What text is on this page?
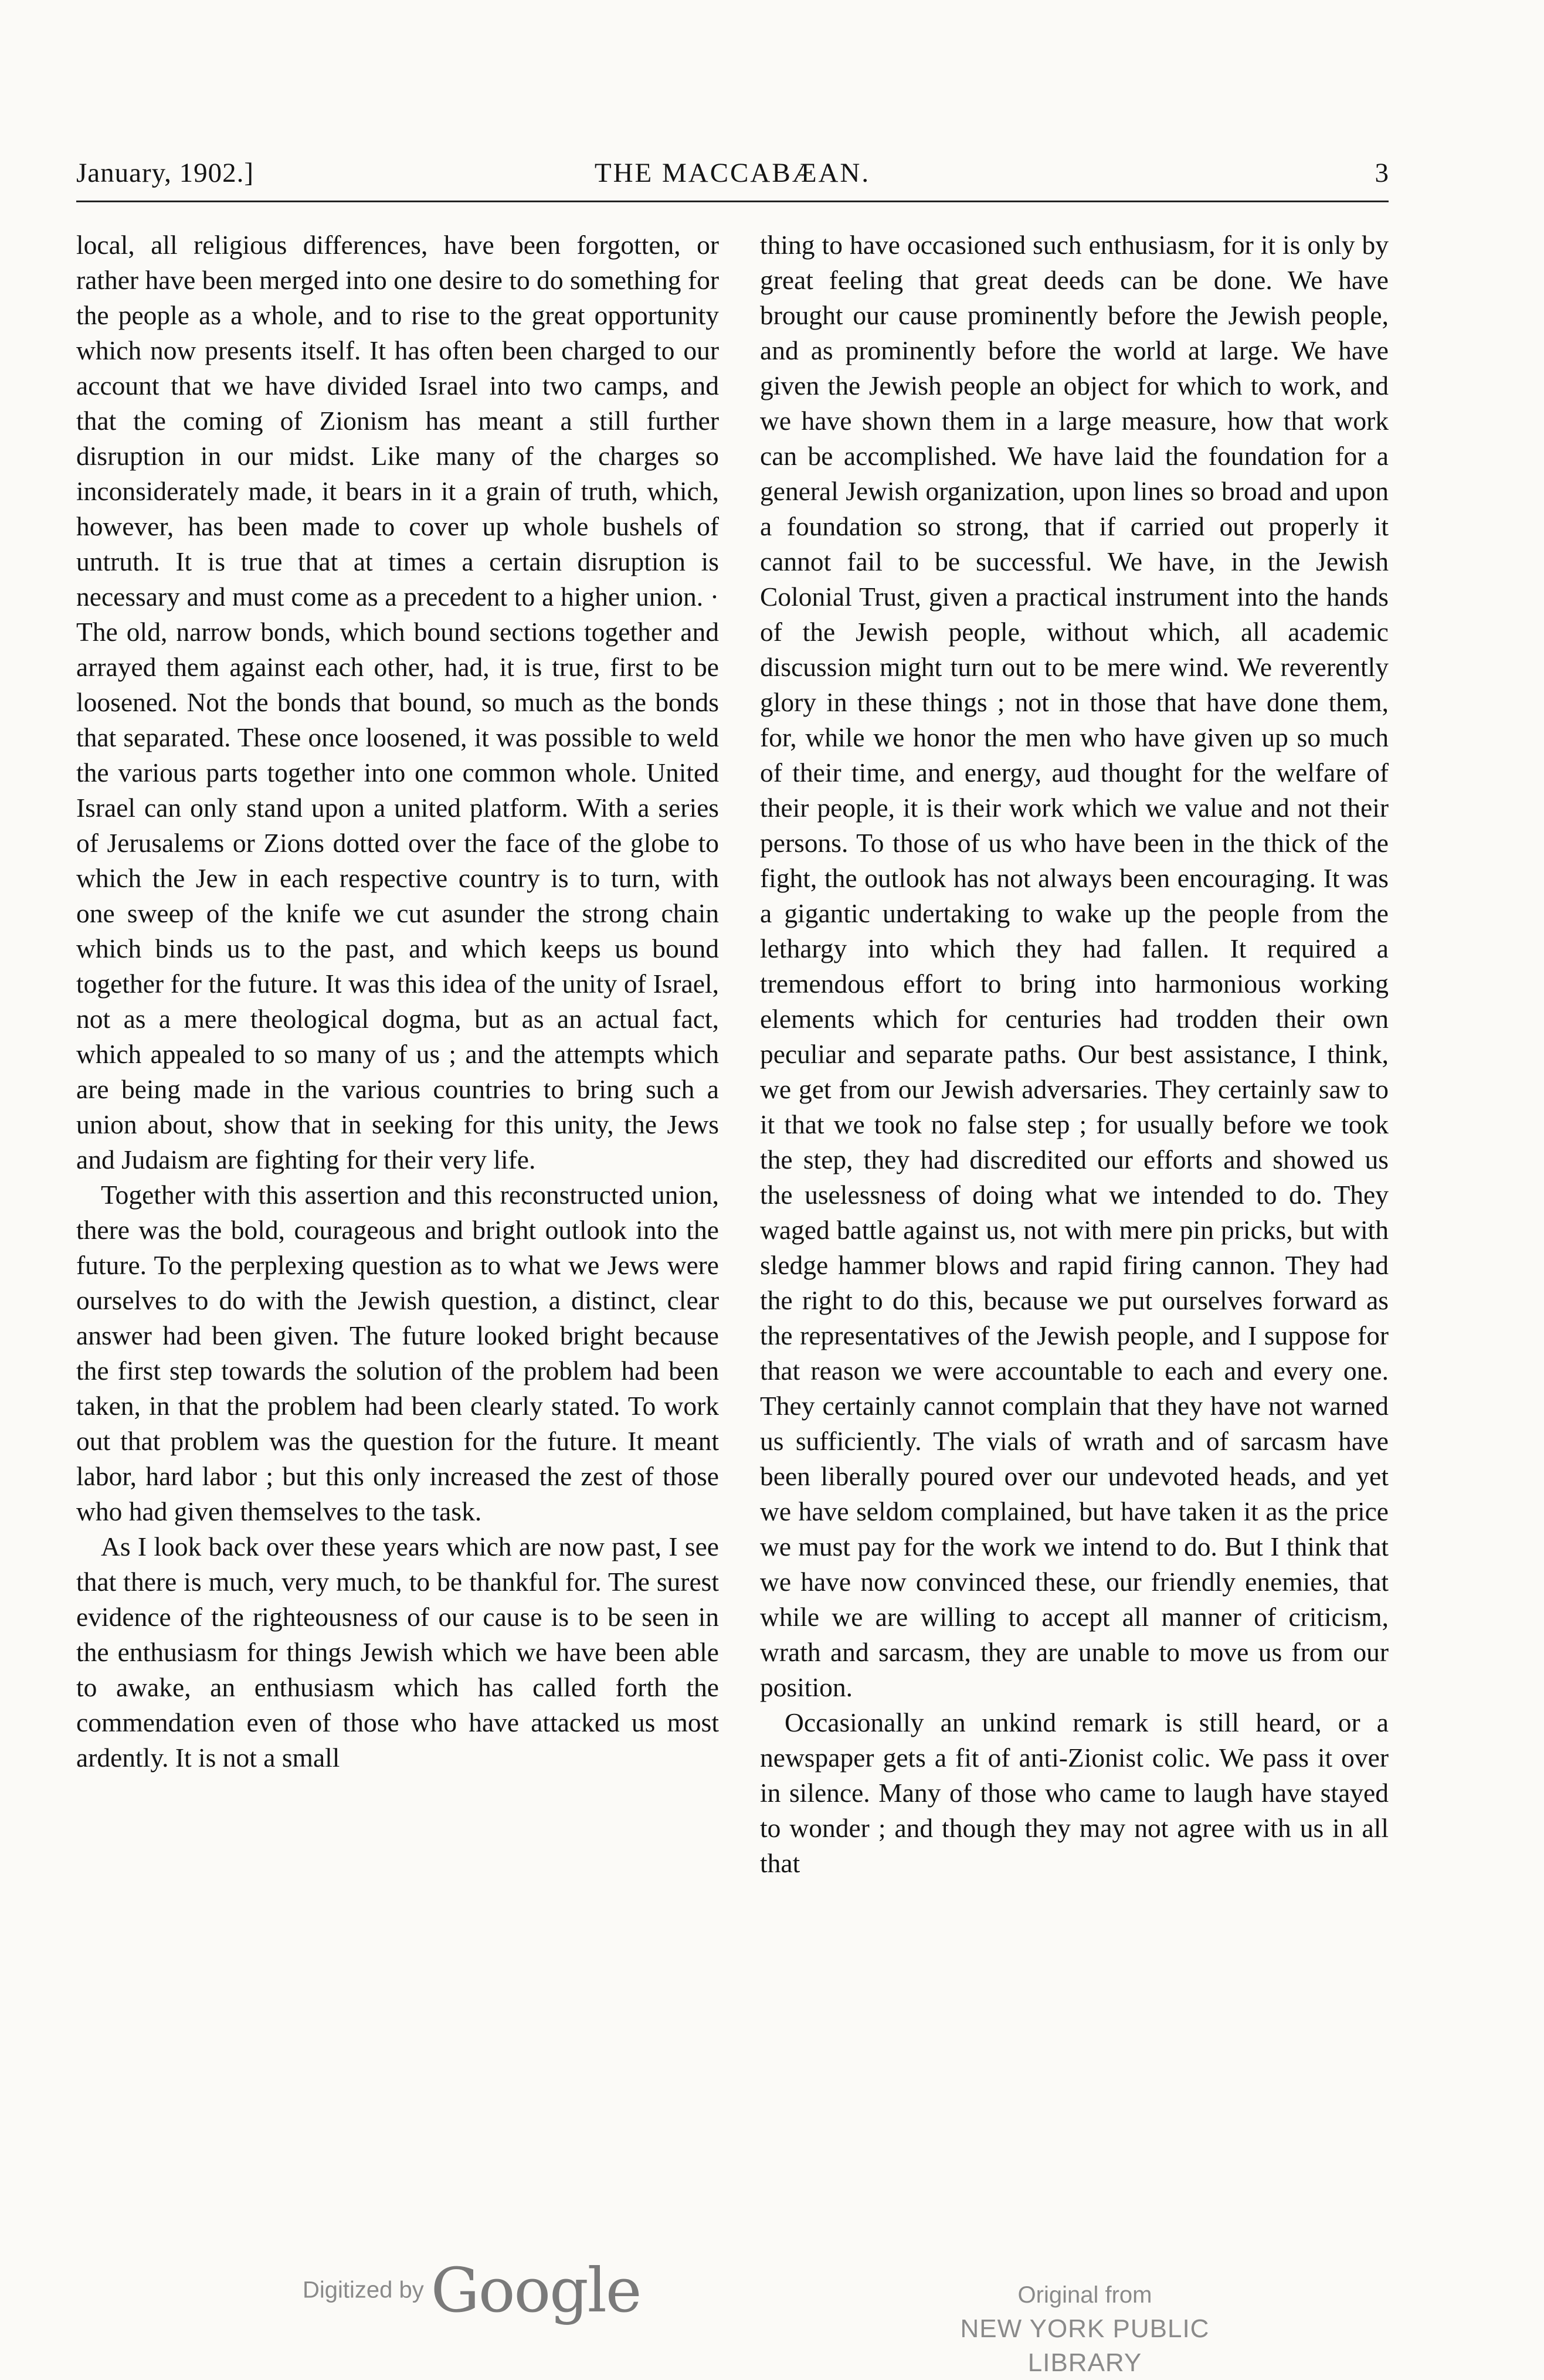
THE MACCABÆAN.
January, 1902.]	3

local, all religious differences, have been forgotten, or rather have been merged into one desire to do something for the people as a whole, and to rise to the great opportunity which now presents itself. It has often been charged to our account that we have divided Israel into two camps, and that the coming of Zionism has meant a still further disruption in our midst. Like many of the charges so inconsiderately made, it bears in it a grain of truth, which, however, has been made to cover up whole bushels of untruth. It is true that at times a certain disruption is necessary and must come as a precedent to a higher union. · The old, narrow bonds, which bound sections together and arrayed them against each other, had, it is true, first to be loosened. Not the bonds that bound, so much as the bonds that separated. These once loosened, it was possible to weld the various parts together into one common whole. United Israel can only stand upon a united platform. With a series of Jerusalems or Zions dotted over the face of the globe to which the Jew in each respective country is to turn, with one sweep of the knife we cut asunder the strong chain which binds us to the past, and which keeps us bound together for the future. It was this idea of the unity of Israel, not as a mere theological dogma, but as an actual fact, which appealed to so many of us ; and the attempts which are being made in the various countries to bring such a union about, show that in seeking for this unity, the Jews and Judaism are fighting for their very life.

Together with this assertion and this reconstructed union, there was the bold, courageous and bright outlook into the future. To the perplexing question as to what we Jews were ourselves to do with the Jewish question, a distinct, clear answer had been given. The future looked bright because the first step towards the solution of the problem had been taken, in that the problem had been clearly stated. To work out that problem was the question for the future. It meant labor, hard labor ; but this only increased the zest of those who had given themselves to the task.

As I look back over these years which are now past, I see that there is much, very much, to be thankful for. The surest evidence of the righteousness of our cause is to be seen in the enthusiasm for things Jewish which we have been able to awake, an enthusiasm which has called forth the commendation even of those who have attacked us most ardently. It is not a small

thing to have occasioned such enthusiasm, for it is only by great feeling that great deeds can be done. We have brought our cause prominently before the Jewish people, and as prominently before the world at large. We have given the Jewish people an object for which to work, and we have shown them in a large measure, how that work can be accomplished. We have laid the foundation for a general Jewish organization, upon lines so broad and upon a foundation so strong, that if carried out properly it cannot fail to be successful. We have, in the Jewish Colonial Trust, given a practical instrument into the hands of the Jewish people, without which, all academic discussion might turn out to be mere wind. We reverently glory in these things ; not in those that have done them, for, while we honor the men who have given up so much of their time, and energy, aud thought for the welfare of their people, it is their work which we value and not their persons. To those of us who have been in the thick of the fight, the outlook has not always been encouraging. It was a gigantic undertaking to wake up the people from the lethargy into which they had fallen. It required a tremendous effort to bring into harmonious working elements which for centuries had trodden their own peculiar and separate paths. Our best assistance, I think, we get from our Jewish adversaries. They certainly saw to it that we took no false step ; for usually before we took the step, they had discredited our efforts and showed us the uselessness of doing what we intended to do. They waged battle against us, not with mere pin pricks, but with sledge hammer blows and rapid firing cannon. They had the right to do this, because we put ourselves forward as the representatives of the Jewish people, and I suppose for that reason we were accountable to each and every one. They certainly cannot complain that they have not warned us sufficiently. The vials of wrath and of sarcasm have been liberally poured over our undevoted heads, and yet we have seldom complained, but have taken it as the price we must pay for the work we intend to do. But I think that we have now convinced these, our friendly enemies, that while we are willing to accept all manner of criticism, wrath and sarcasm, they are unable to move us from our position.

Occasionally an unkind remark is still heard, or a newspaper gets a fit of anti-Zionist colic. We pass it over in silence. Many of those who came to laugh have stayed to wonder ; and though they may not agree with us in all that

Digitized by Google	Original from
NEW YORK PUBLIC LIBRARY
